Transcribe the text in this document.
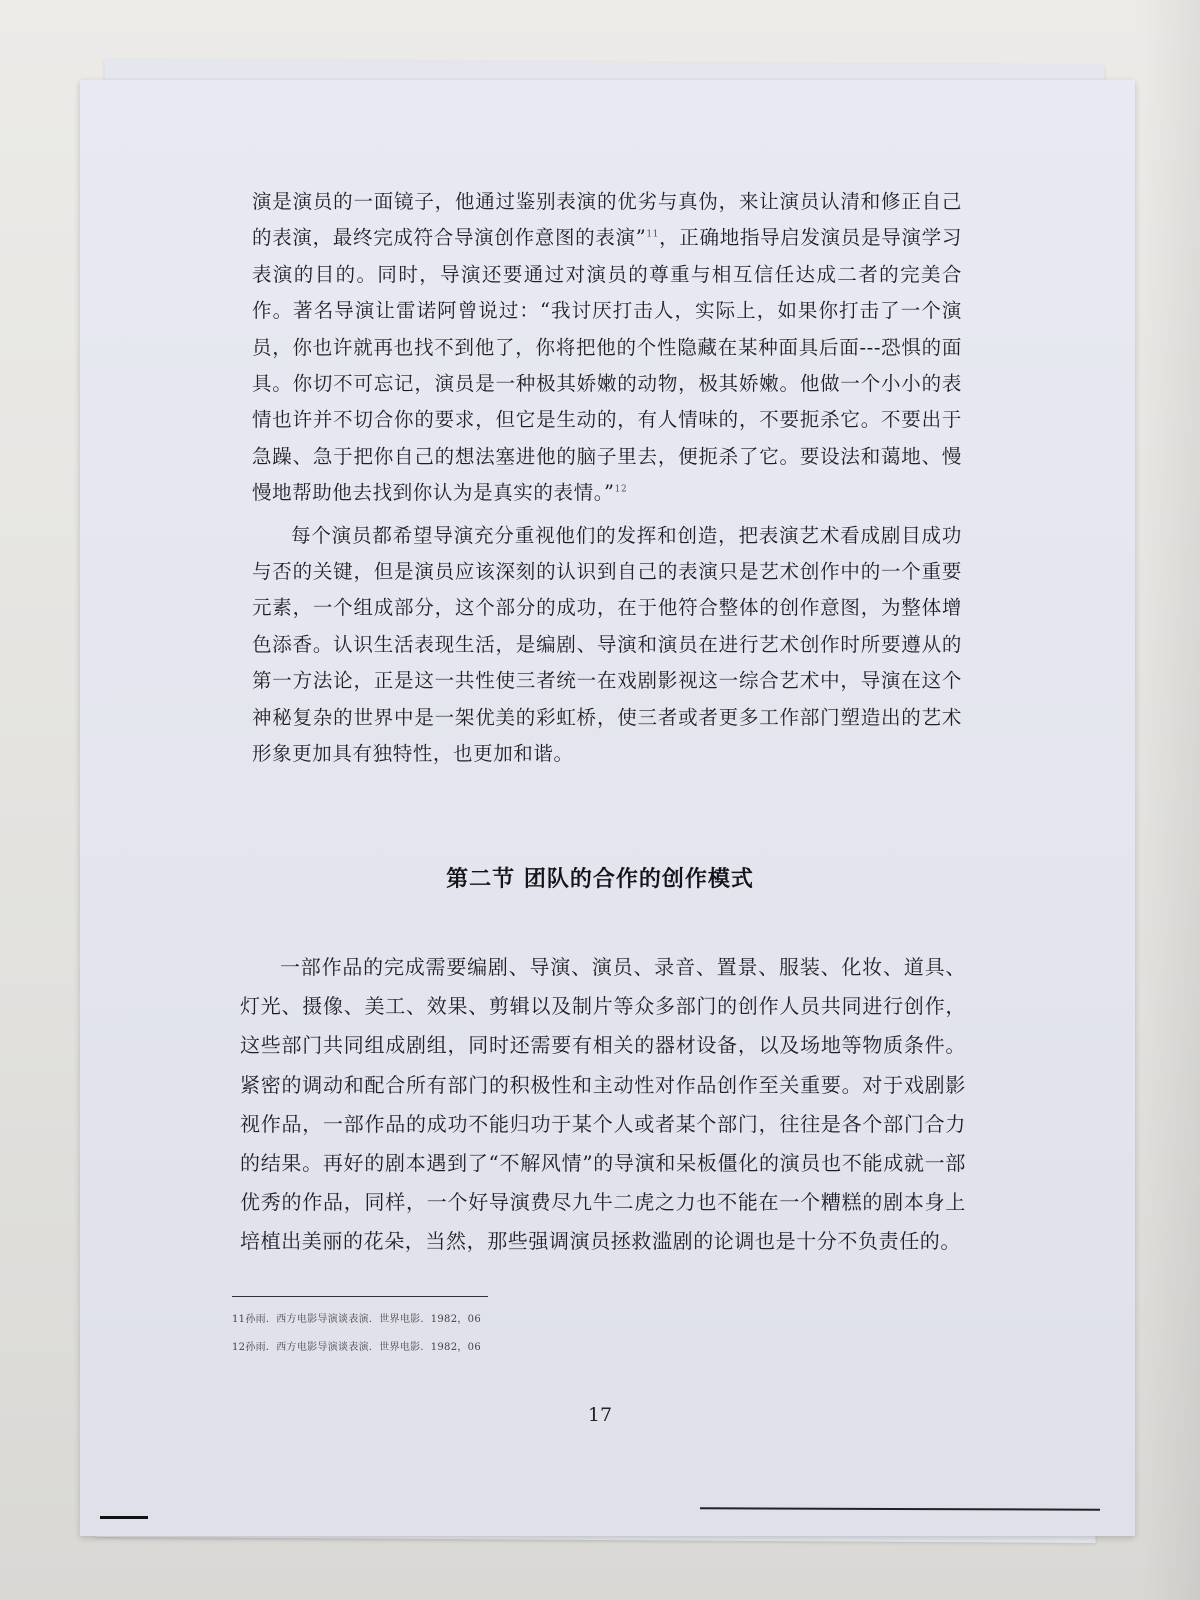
演是演员的一面镜子，他通过鉴别表演的优劣与真伪，来让演员认清和修正自己的表演，最终完成符合导演创作意图的表演”$^{11}$，正确地指导启发演员是导演学习表演的目的。同时，导演还要通过对演员的尊重与相互信任达成二者的完美合作。著名导演让雷诺阿曾说过：“我讨厌打击人，实际上，如果你打击了一个演员，你也许就再也找不到他了，你将把他的个性隐藏在某种面具后面---恐惧的面具。你切不可忘记，演员是一种极其娇嫩的动物，极其娇嫩。他做一个小小的表情也许并不切合你的要求，但它是生动的，有人情味的，不要扼杀它。不要出于急躁、急于把你自己的想法塞进他的脑子里去，便扼杀了它。要设法和蔼地、慢慢地帮助他去找到你认为是真实的表情。”$^{12}$

每个演员都希望导演充分重视他们的发挥和创造，把表演艺术看成剧目成功与否的关键，但是演员应该深刻的认识到自己的表演只是艺术创作中的一个重要元素，一个组成部分，这个部分的成功，在于他符合整体的创作意图，为整体增色添香。认识生活表现生活，是编剧、导演和演员在进行艺术创作时所要遵从的第一方法论，正是这一共性使三者统一在戏剧影视这一综合艺术中，导演在这个神秘复杂的世界中是一架优美的彩虹桥，使三者或者更多工作部门塑造出的艺术形象更加具有独特性，也更加和谐。

第二节 团队的合作的创作模式

一部作品的完成需要编剧、导演、演员、录音、置景、服装、化妆、道具、灯光、摄像、美工、效果、剪辑以及制片等众多部门的创作人员共同进行创作，这些部门共同组成剧组，同时还需要有相关的器材设备，以及场地等物质条件。紧密的调动和配合所有部门的积极性和主动性对作品创作至关重要。对于戏剧影视作品，一部作品的成功不能归功于某个人或者某个部门，往往是各个部门合力的结果。再好的剧本遇到了“不解风情”的导演和呆板僵化的演员也不能成就一部优秀的作品，同样，一个好导演费尽九牛二虎之力也不能在一个糟糕的剧本身上培植出美丽的花朵，当然，那些强调演员拯救滥剧的论调也是十分不负责任的。

11孙雨．西方电影导演谈表演．世界电影．1982，06

12孙雨．西方电影导演谈表演．世界电影．1982，06

17
